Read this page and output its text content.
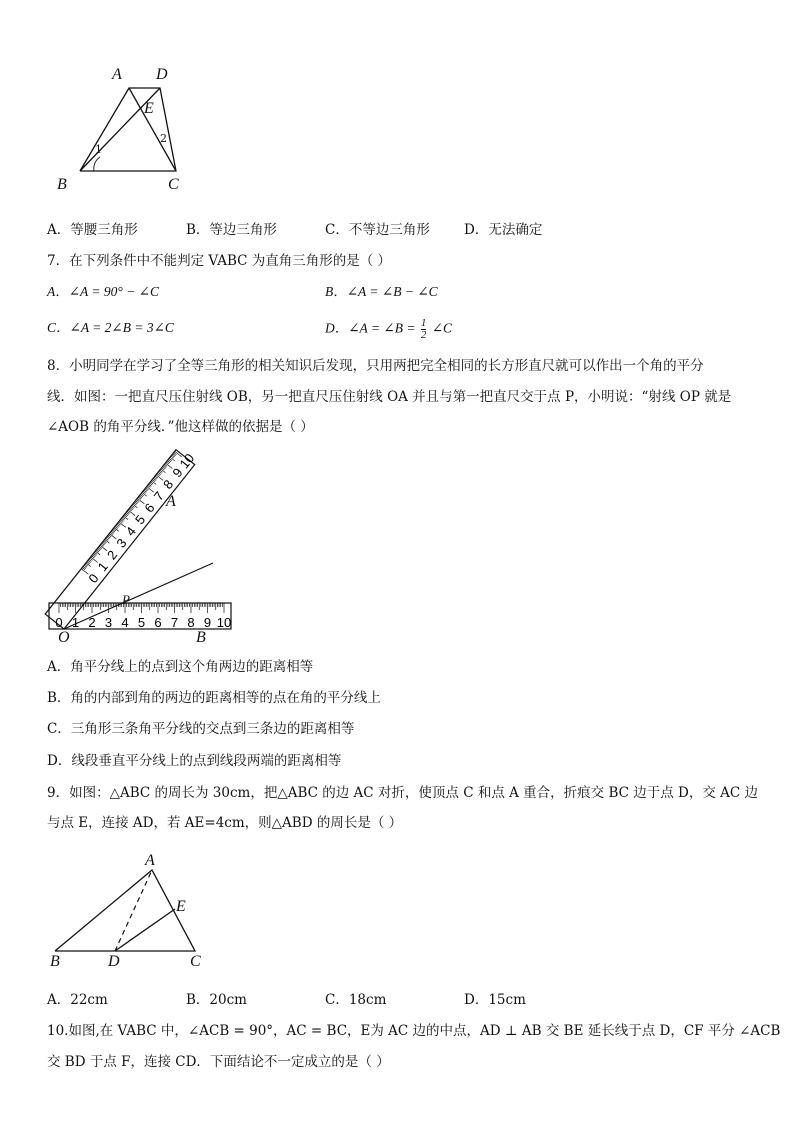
A D
E
B	C
1
2
A．等腰三角形	B．等边三角形	C．不等边三角形	D．无法确定
7．在下列条件中不能判定 VABC 为直角三角形的是（ ）
A．∠A = 90° − ∠C	B．∠A = ∠B − ∠C
C．∠A = 2∠B = 3∠C	D．∠A = ∠B = $\frac{1}{2}$ ∠C
8．小明同学在学习了全等三角形的相关知识后发现，只用两把完全相同的长方形直尺就可以作出一个角的平分
线．如图：一把直尺压住射线 OB，另一把直尺压住射线 OA 并且与第一把直尺交于点 P，小明说：“射线 OP 就是
∠AOB 的角平分线．”他这样做的依据是（ ）
0 1 2 3 4 5 6 7 8 9 10
0
1
2
3
4
5
6
7
8
9
10
A
O	B
P
A．角平分线上的点到这个角两边的距离相等
B．角的内部到角的两边的距离相等的点在角的平分线上
C．三角形三条角平分线的交点到三条边的距离相等
D．线段垂直平分线上的点到线段两端的距离相等
9．如图：△ABC 的周长为 30cm，把△ABC 的边 AC 对折，使顶点 C 和点 A 重合，折痕交 BC 边于点 D，交 AC 边
与点 E，连接 AD，若 AE=4cm，则△ABD 的周长是（ ）
A
E
B	D	C
A．22cm	B．20cm	C．18cm	D．15cm
10.如图,在 VABC 中，∠ACB = 90°，AC = BC，E为 AC 边的中点，AD ⊥ AB 交 BE 延长线于点 D，CF 平分 ∠ACB
交 BD 于点 F，连接 CD．下面结论不一定成立的是（ ）
